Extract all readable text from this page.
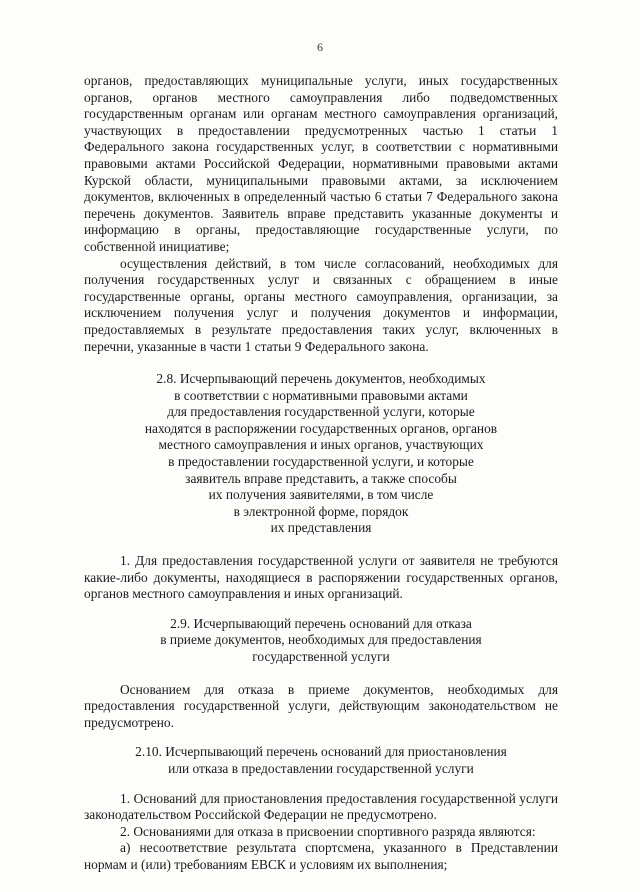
6

органов, предоставляющих муниципальные услуги, иных государственных органов, органов местного самоуправления либо подведомственных государственным органам или органам местного самоуправления организаций, участвующих в предоставлении предусмотренных частью 1 статьи 1 Федерального закона государственных услуг, в соответствии с нормативными правовыми актами Российской Федерации, нормативными правовыми актами Курской области, муниципальными правовыми актами, за исключением документов, включенных в определенный частью 6 статьи 7 Федерального закона перечень документов. Заявитель вправе представить указанные документы и информацию в органы, предоставляющие государственные услуги, по собственной инициативе;

осуществления действий, в том числе согласований, необходимых для получения государственных услуг и связанных с обращением в иные государственные органы, органы местного самоуправления, организации, за исключением получения услуг и получения документов и информации, предоставляемых в результате предоставления таких услуг, включенных в перечни, указанные в части 1 статьи 9 Федерального закона.

2.8. Исчерпывающий перечень документов, необходимых
в соответствии с нормативными правовыми актами
для предоставления государственной услуги, которые
находятся в распоряжении государственных органов, органов
местного самоуправления и иных органов, участвующих
в предоставлении государственной услуги, и которые
заявитель вправе представить, а также способы
их получения заявителями, в том числе
в электронной форме, порядок
их представления

1. Для предоставления государственной услуги от заявителя не требуются какие-либо документы, находящиеся в распоряжении государственных органов, органов местного самоуправления и иных организаций.

2.9. Исчерпывающий перечень оснований для отказа
в приеме документов, необходимых для предоставления
государственной услуги

Основанием для отказа в приеме документов, необходимых для предоставления государственной услуги, действующим законодательством не предусмотрено.

2.10. Исчерпывающий перечень оснований для приостановления
или отказа в предоставлении государственной услуги

1. Оснований для приостановления предоставления государственной услуги законодательством Российской Федерации не предусмотрено.

2. Основаниями для отказа в присвоении спортивного разряда являются:

а) несоответствие результата спортсмена, указанного в Представлении нормам и (или) требованиям ЕВСК и условиям их выполнения;
